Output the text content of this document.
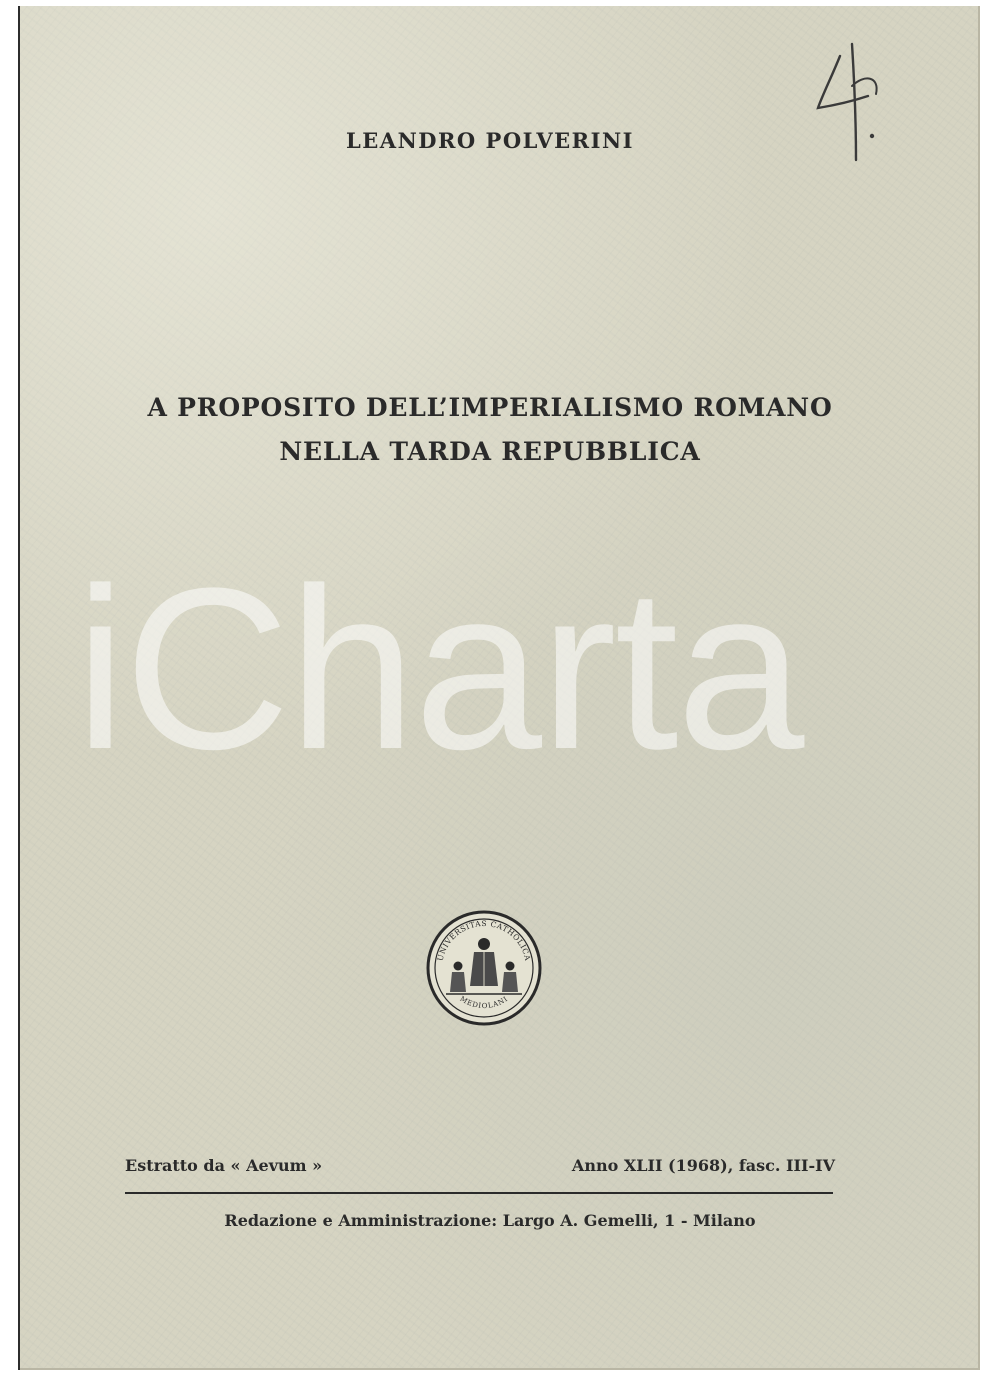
LEANDRO POLVERINI
A PROPOSITO DELL’IMPERIALISMO ROMANO
NELLA TARDA REPUBBLICA
iCharta
UNIVERSITAS CATHOLICA
MEDIOLANI
Estratto da « Aevum »	Anno XLII (1968), fasc. III-IV
Redazione e Amministrazione: Largo A. Gemelli, 1 - Milano
